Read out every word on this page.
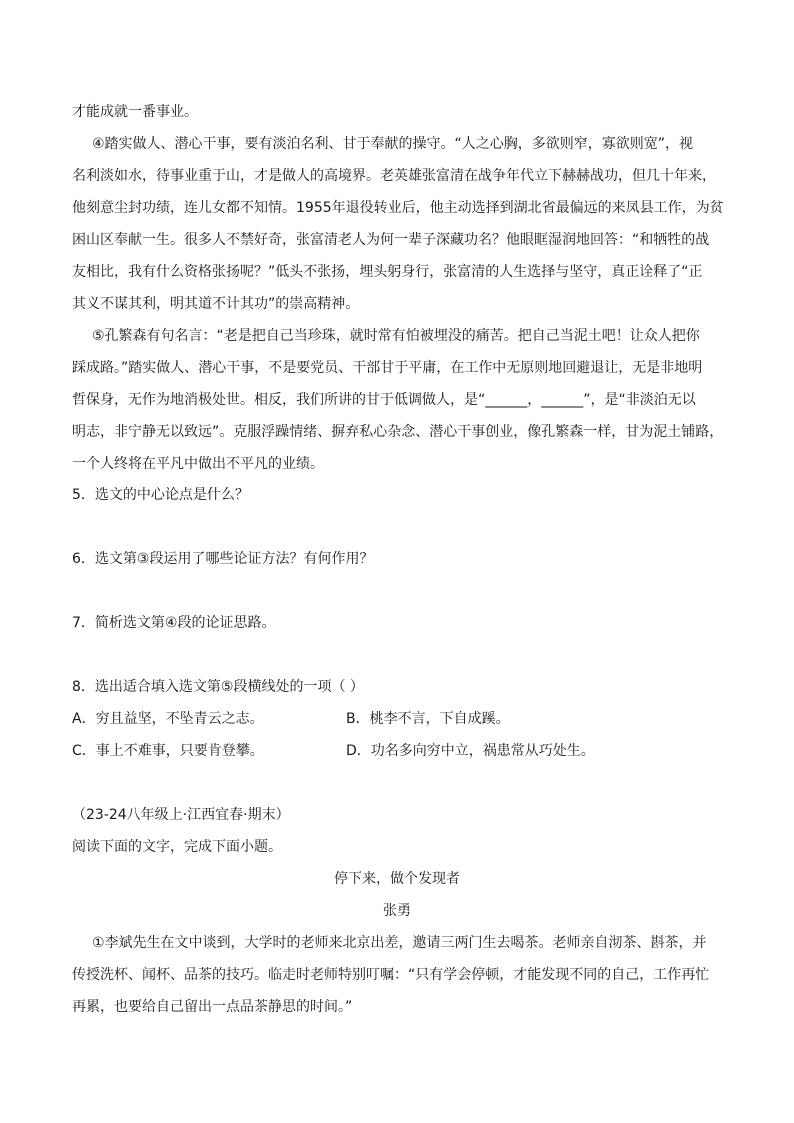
才能成就一番事业。
④踏实做人、潜心干事，要有淡泊名利、甘于奉献的操守。“人之心胸，多欲则窄，寡欲则宽”，视
名利淡如水，待事业重于山，才是做人的高境界。老英雄张富清在战争年代立下赫赫战功，但几十年来，
他刻意尘封功绩，连儿女都不知情。1955年退役转业后，他主动选择到湖北省最偏远的来凤县工作，为贫
困山区奉献一生。很多人不禁好奇，张富清老人为何一辈子深藏功名？他眼眶湿润地回答：“和牺牲的战
友相比，我有什么资格张扬呢？”低头不张扬，埋头躬身行，张富清的人生选择与坚守，真正诠释了“正
其义不谋其利，明其道不计其功”的崇高精神。
⑤孔繁森有句名言：“老是把自己当珍珠，就时常有怕被埋没的痛苦。把自己当泥土吧！让众人把你
踩成路。”踏实做人、潜心干事，不是要党员、干部甘于平庸，在工作中无原则地回避退让，无是非地明
哲保身，无作为地消极处世。相反，我们所讲的甘于低调做人，是“______，______”，是“非淡泊无以
明志，非宁静无以致远”。克服浮躁情绪、摒弃私心杂念、潜心干事创业，像孔繁森一样，甘为泥土铺路，
一个人终将在平凡中做出不平凡的业绩。
5．选文的中心论点是什么？
6．选文第③段运用了哪些论证方法？有何作用？
7．简析选文第④段的论证思路。
8．选出适合填入选文第⑤段横线处的一项（ ）
A．穷且益坚，不坠青云之志。	B．桃李不言，下自成蹊。
C．事上不难事，只要肯登攀。	D．功名多向穷中立，祸患常从巧处生。
（23-24八年级上·江西宜春·期末）
阅读下面的文字，完成下面小题。
停下来，做个发现者
张勇
①李斌先生在文中谈到，大学时的老师来北京出差，邀请三两门生去喝茶。老师亲自沏茶、斟茶，并
传授洗杯、闻杯、品茶的技巧。临走时老师特别叮嘱：“只有学会停顿，才能发现不同的自己，工作再忙
再累，也要给自己留出一点品茶静思的时间。”
